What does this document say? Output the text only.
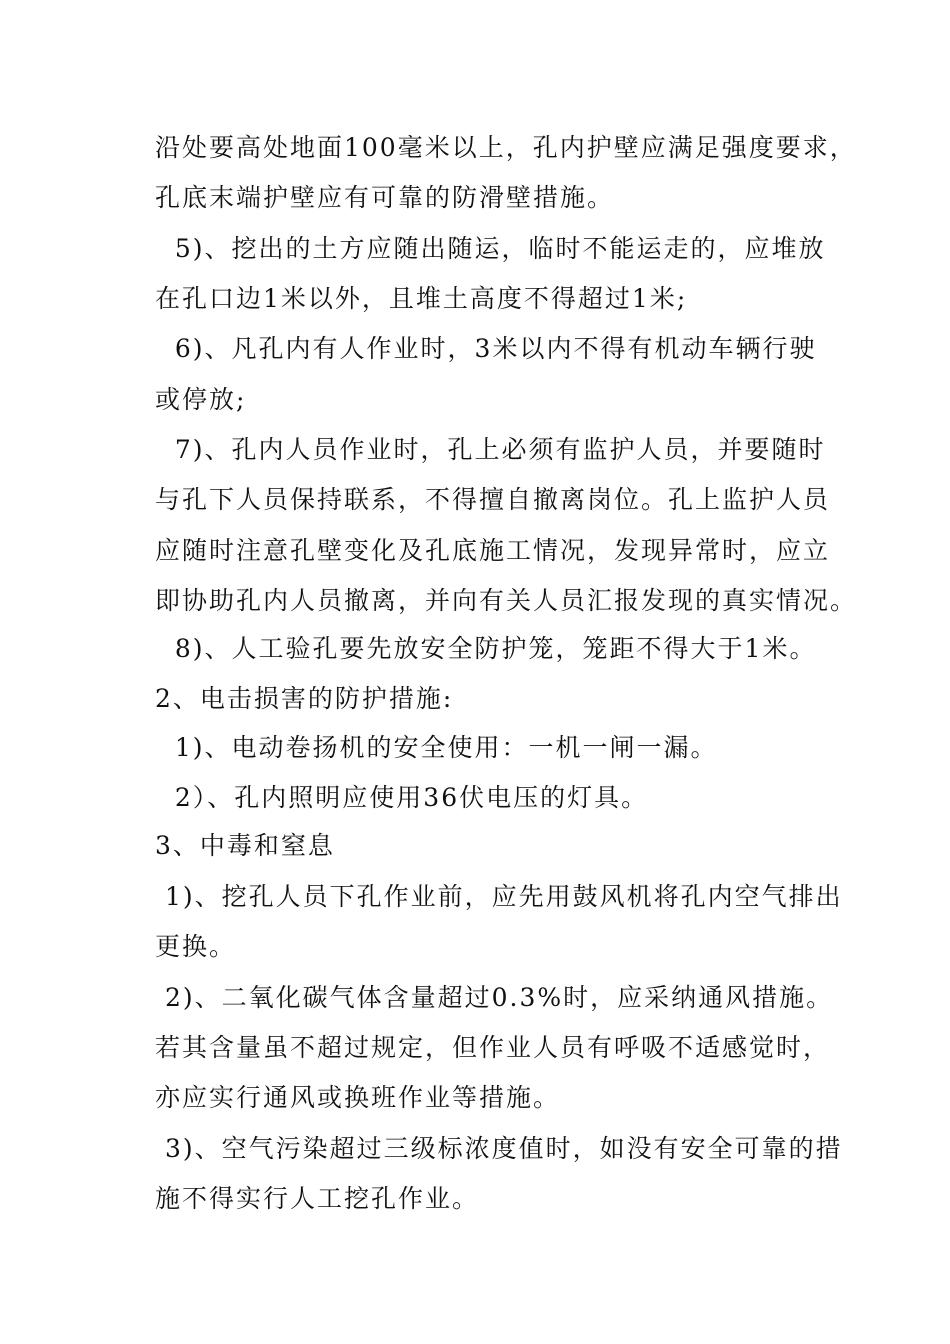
沿处要高处地面100毫米以上，孔内护壁应满足强度要求，
孔底末端护壁应有可靠的防滑壁措施。
5)、挖出的土方应随出随运，临时不能运走的，应堆放
在孔口边1米以外，且堆土高度不得超过1米;
6)、凡孔内有人作业时，3米以内不得有机动车辆行驶
或停放;
7)、孔内人员作业时，孔上必须有监护人员，并要随时
与孔下人员保持联系，不得擅自撤离岗位。孔上监护人员
应随时注意孔壁变化及孔底施工情况，发现异常时，应立
即协助孔内人员撤离，并向有关人员汇报发现的真实情况。
8)、人工验孔要先放安全防护笼，笼距不得大于1米。
2、电击损害的防护措施:
1)、电动卷扬机的安全使用：一机一闸一漏。
2）、孔内照明应使用36伏电压的灯具。
3、中毒和窒息
1)、挖孔人员下孔作业前，应先用鼓风机将孔内空气排出
更换。
2)、二氧化碳气体含量超过0.3%时，应采纳通风措施。
若其含量虽不超过规定，但作业人员有呼吸不适感觉时，
亦应实行通风或换班作业等措施。
3)、空气污染超过三级标浓度值时，如没有安全可靠的措
施不得实行人工挖孔作业。
